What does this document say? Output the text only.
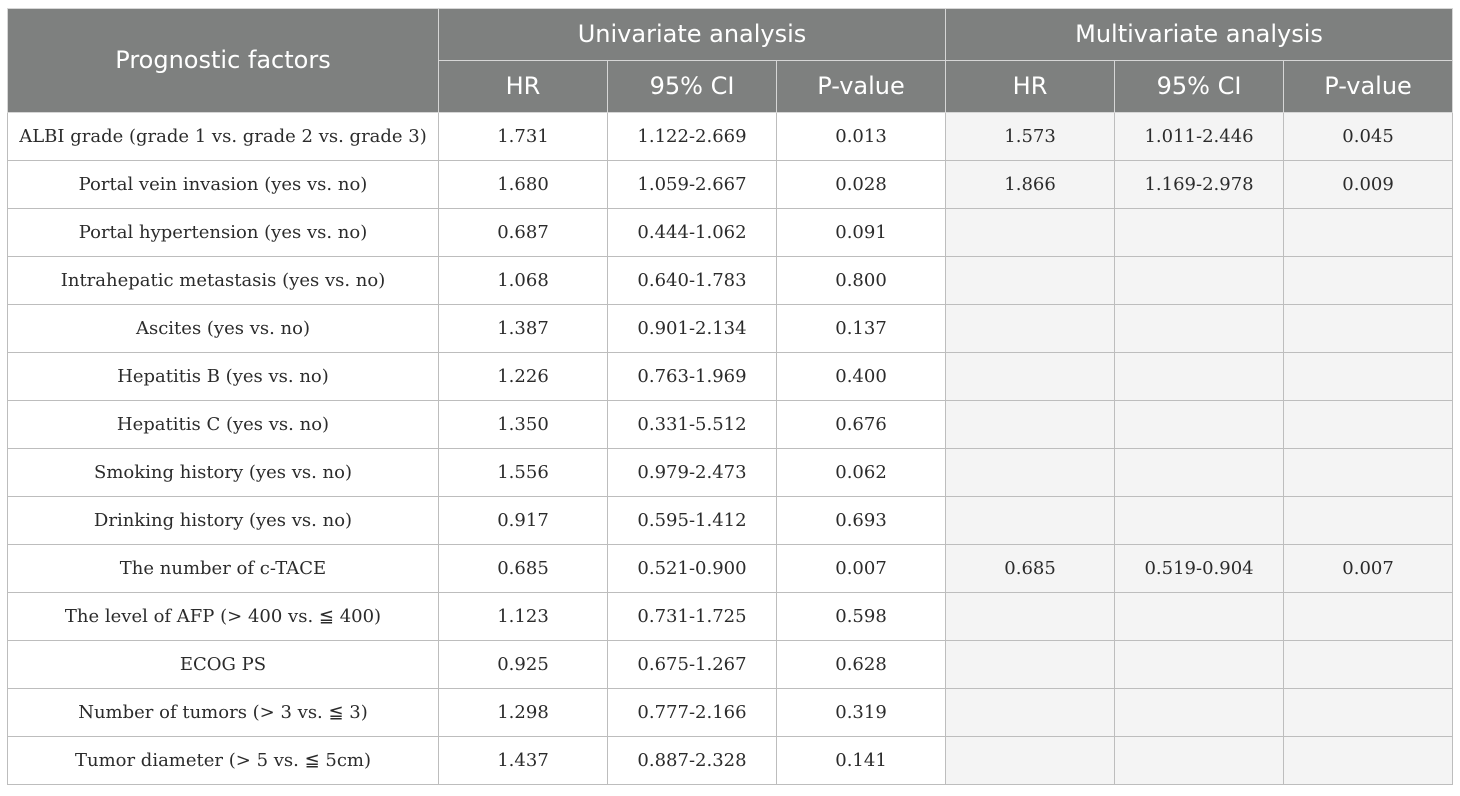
Prognostic factors	Univariate analysis			Multivariate analysis		
	HR	95% CI	P-value	HR	95% CI	P-value
ALBI grade (grade 1 vs. grade 2 vs. grade 3)	1.731	1.122-2.669	0.013	1.573	1.011-2.446	0.045
Portal vein invasion (yes vs. no)	1.680	1.059-2.667	0.028	1.866	1.169-2.978	0.009
Portal hypertension (yes vs. no)	0.687	0.444-1.062	0.091			
Intrahepatic metastasis (yes vs. no)	1.068	0.640-1.783	0.800			
Ascites (yes vs. no)	1.387	0.901-2.134	0.137			
Hepatitis B (yes vs. no)	1.226	0.763-1.969	0.400			
Hepatitis C (yes vs. no)	1.350	0.331-5.512	0.676			
Smoking history (yes vs. no)	1.556	0.979-2.473	0.062			
Drinking history (yes vs. no)	0.917	0.595-1.412	0.693			
The number of c-TACE	0.685	0.521-0.900	0.007	0.685	0.519-0.904	0.007
The level of AFP (> 400 vs. ≦ 400)	1.123	0.731-1.725	0.598			
ECOG PS	0.925	0.675-1.267	0.628			
Number of tumors (> 3 vs. ≦ 3)	1.298	0.777-2.166	0.319			
Tumor diameter (> 5 vs. ≦ 5cm)	1.437	0.887-2.328	0.141			
